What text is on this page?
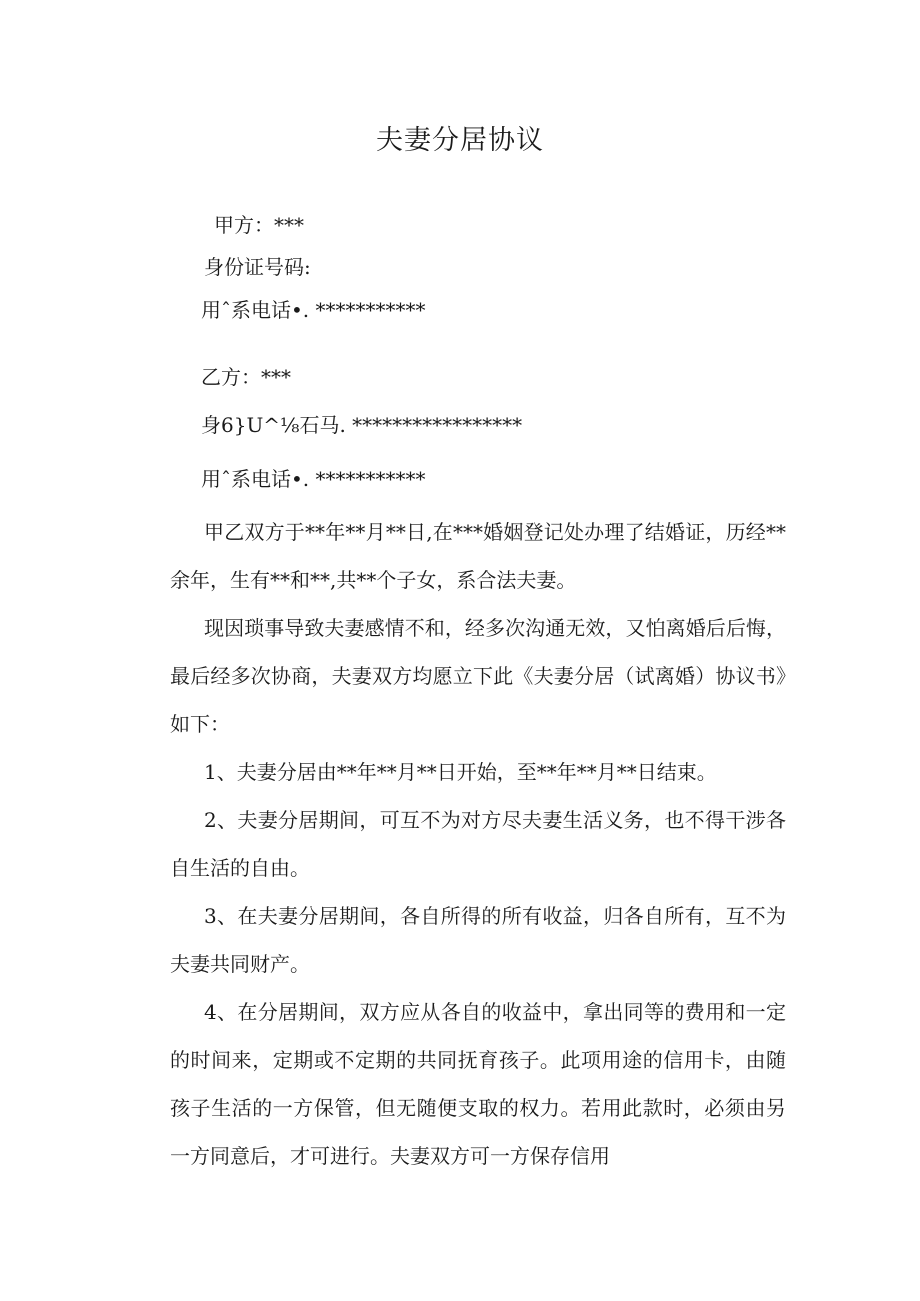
夫妻分居协议
甲方：***
身份证号码:
用ˆ系电话•. ***********
乙方：***
身6}U^⅛石马. *****************
用ˆ系电话•. ***********
甲乙双方于**年**月**日,在***婚姻登记处办理了结婚证，历经**余年，生有**和**,共**个子女，系合法夫妻。
现因琐事导致夫妻感情不和，经多次沟通无效，又怕离婚后后悔，最后经多次协商，夫妻双方均愿立下此《夫妻分居（试离婚）协议书》如下：
1、夫妻分居由**年**月**日开始，至**年**月**日结束。
2、夫妻分居期间，可互不为对方尽夫妻生活义务，也不得干涉各自生活的自由。
3、在夫妻分居期间，各自所得的所有收益，归各自所有，互不为夫妻共同财产。
4、在分居期间，双方应从各自的收益中，拿出同等的费用和一定的时间来，定期或不定期的共同抚育孩子。此项用途的信用卡，由随孩子生活的一方保管，但无随便支取的权力。若用此款时，必须由另一方同意后，才可进行。夫妻双方可一方保存信用
